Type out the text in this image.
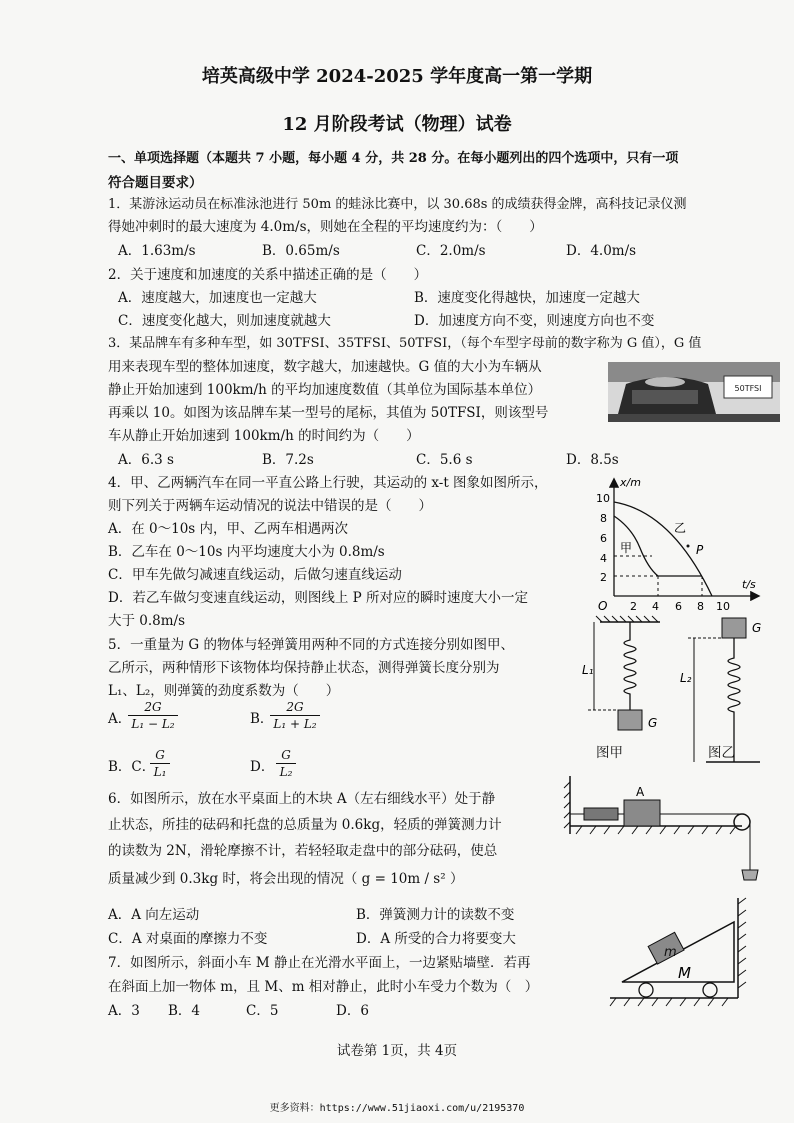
培英高级中学 2024-2025 学年度高一第一学期
12 月阶段考试（物理）试卷
一、单项选择题（本题共 7 小题，每小题 4 分，共 28 分。在每小题列出的四个选项中，只有一项
符合题目要求）
1．某游泳运动员在标准泳池进行 50m 的蛙泳比赛中，以 30.68s 的成绩获得金牌，高科技记录仪测
得她冲刺时的最大速度为 4.0m/s，则她在全程的平均速度约为：（　　）
A．1.63m/s	B．0.65m/s	C．2.0m/s	D．4.0m/s
2．关于速度和加速度的关系中描述正确的是（　　）
A．速度越大，加速度也一定越大	B．速度变化得越快，加速度一定越大
C．速度变化越大，则加速度就越大	D．加速度方向不变，则速度方向也不变
3．某品牌车有多种车型，如 30TFSI、35TFSI、50TFSI，（每个车型字母前的数字称为 G 值），G 值
用来表现车型的整体加速度，数字越大，加速越快。G 值的大小为车辆从
静止开始加速到 100km/h 的平均加速度数值（其单位为国际基本单位）
再乘以 10。如图为该品牌车某一型号的尾标，其值为 50TFSI，则该型号
车从静止开始加速到 100km/h 的时间约为（　　）
A．6.3 s	B．7.2s	C．5.6 s	D．8.5s
50TFSI
4．甲、乙两辆汽车在同一平直公路上行驶，其运动的 x-t 图象如图所示，
则下列关于两辆车运动情况的说法中错误的是（　　）
A．在 0～10s 内，甲、乙两车相遇两次
B．乙车在 0～10s 内平均速度大小为 0.8m/s
C．甲车先做匀减速直线运动，后做匀速直线运动
D．若乙车做匀变速直线运动，则图线上 P 所对应的瞬时速度大小一定
大于 0.8m/s
x/m
t/s
O
10
8
6
4
2
2 4 6 8 10
甲
乙
P
5．一重量为 G 的物体与轻弹簧用两种不同的方式连接分别如图甲、
乙所示，两种情形下该物体均保持静止状态，测得弹簧长度分别为
L₁、L₂，则弹簧的劲度系数为（　　）
A．
$\frac{2G}{\text{L₁ − L₂}}$	B．
$\frac{2G}{\text{L₁ + L₂}}$
B．C．
$\frac{G}{\text{L₁}}$	D． $\frac{G}{\text{L₂}}$
G
L₁
G
L₂
图甲	图乙
6．如图所示，放在水平桌面上的木块 A（左右细线水平）处于静
止状态，所挂的砝码和托盘的总质量为 0.6kg，轻质的弹簧测力计
的读数为 2N，滑轮摩擦不计，若轻轻取走盘中的部分砝码，使总
质量减少到 0.3kg 时，将会出现的情况（ g = 10m / s² ）
A．A 向左运动	B．弹簧测力计的读数不变
C．A 对桌面的摩擦力不变	D．A 所受的合力将要变大
A
7．如图所示，斜面小车 M 静止在光滑水平面上，一边紧贴墙壁．若再
在斜面上加一物体 m，且 M、m 相对静止，此时小车受力个数为（　）
A．3 B．4	C．5	D．6
m
M
试卷第 1页，共 4页
更多资料：https://www.51jiaoxi.com/u/2195370
